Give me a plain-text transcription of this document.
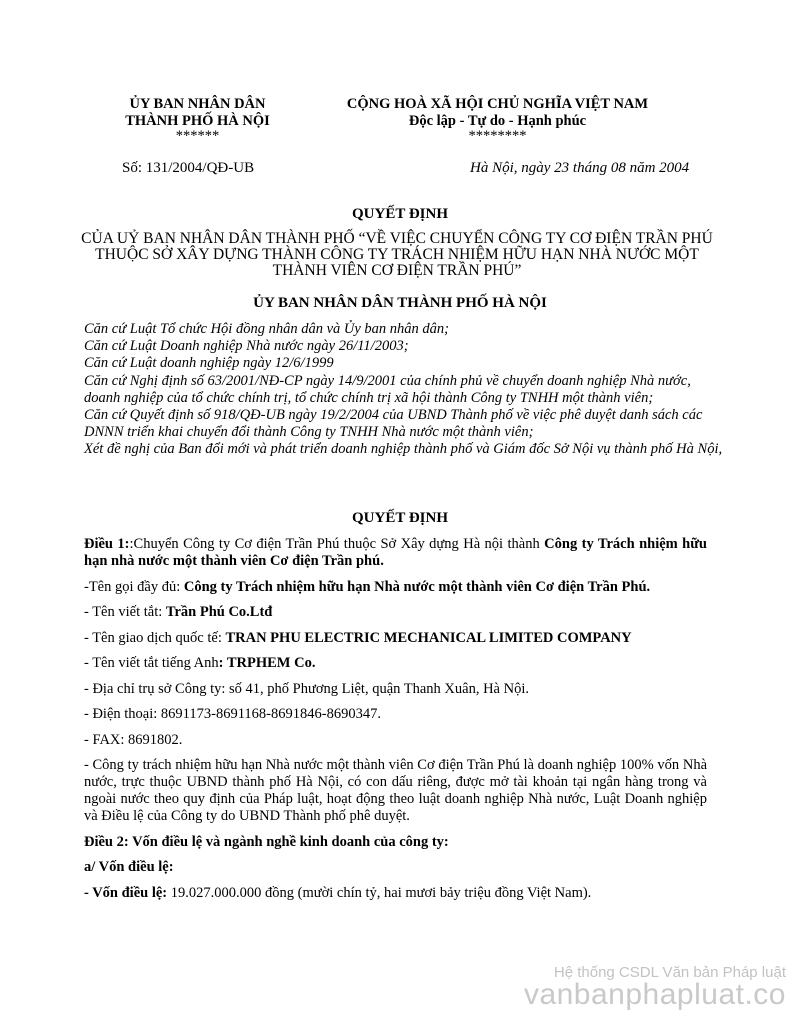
ỦY BAN NHÂN DÂN
THÀNH PHỐ HÀ NỘI
******
CỘNG HOÀ XÃ HỘI CHỦ NGHĨA VIỆT NAM
Độc lập - Tự do - Hạnh phúc
********
Số: 131/2004/QĐ-UB	Hà Nội, ngày 23 tháng 08 năm 2004
QUYẾT ĐỊNH
CỦA UỶ BAN NHÂN DÂN THÀNH PHỐ “VỀ VIỆC CHUYỂN CÔNG TY CƠ ĐIỆN TRẦN PHÚ THUỘC SỞ XÂY DỰNG THÀNH CÔNG TY TRÁCH NHIỆM HỮU HẠN NHÀ NƯỚC MỘT THÀNH VIÊN CƠ ĐIỆN TRẦN PHÚ”
ỦY BAN NHÂN DÂN THÀNH PHỐ HÀ NỘI

Căn cứ Luật Tổ chức Hội đồng nhân dân và Ủy ban nhân dân;

Căn cứ Luật Doanh nghiệp Nhà nước ngày 26/11/2003;

Căn cứ Luật doanh nghiệp ngày 12/6/1999

Căn cứ Nghị định số 63/2001/NĐ-CP ngày 14/9/2001 của chính phủ về chuyển doanh nghiệp Nhà nước, doanh nghiệp của tổ chức chính trị, tổ chức chính trị xã hội thành Công ty TNHH một thành viên;

Căn cứ Quyết định số 918/QĐ-UB ngày 19/2/2004 của UBND Thành phố về việc phê duyệt danh sách các DNNN triển khai chuyển đổi thành Công ty TNHH Nhà nước một thành viên;

Xét đề nghị của Ban đổi mới và phát triển doanh nghiệp thành phố và Giám đốc Sở Nội vụ thành phố Hà Nội,

QUYẾT ĐỊNH

Điều 1::Chuyển Công ty Cơ điện Trần Phú thuộc Sở Xây dựng Hà nội thành Công ty Trách nhiệm hữu hạn nhà nước một thành viên Cơ điện Trần phú.

-Tên gọi đầy đủ: Công ty Trách nhiệm hữu hạn Nhà nước một thành viên Cơ điện Trần Phú.

- Tên viết tắt: Trần Phú Co.Ltđ

- Tên giao dịch quốc tế: TRAN PHU ELECTRIC MECHANICAL LIMITED COMPANY

- Tên viết tắt tiếng Anh: TRPHEM Co.

- Địa chỉ trụ sở Công ty: số 41, phố Phương Liệt, quận Thanh Xuân, Hà Nội.

- Điện thoại: 8691173-8691168-8691846-8690347.

- FAX: 8691802.

- Công ty trách nhiệm hữu hạn Nhà nước một thành viên Cơ điện Trần Phú là doanh nghiệp 100% vốn Nhà nước, trực thuộc UBND thành phố Hà Nội, có con dấu riêng, được mở tài khoản tại ngân hàng trong và ngoài nước theo quy định của Pháp luật, hoạt động theo luật doanh nghiệp Nhà nước, Luật Doanh nghiệp và Điều lệ của Công ty do UBND Thành phố phê duyệt.

Điều 2: Vốn điều lệ và ngành nghề kinh doanh của công ty:

a/ Vốn điều lệ:

- Vốn điều lệ: 19.027.000.000 đồng (mười chín tỷ, hai mươi bảy triệu đồng Việt Nam).

Hệ thống CSDL Văn bản Pháp luật
vanbanphapluat.co
